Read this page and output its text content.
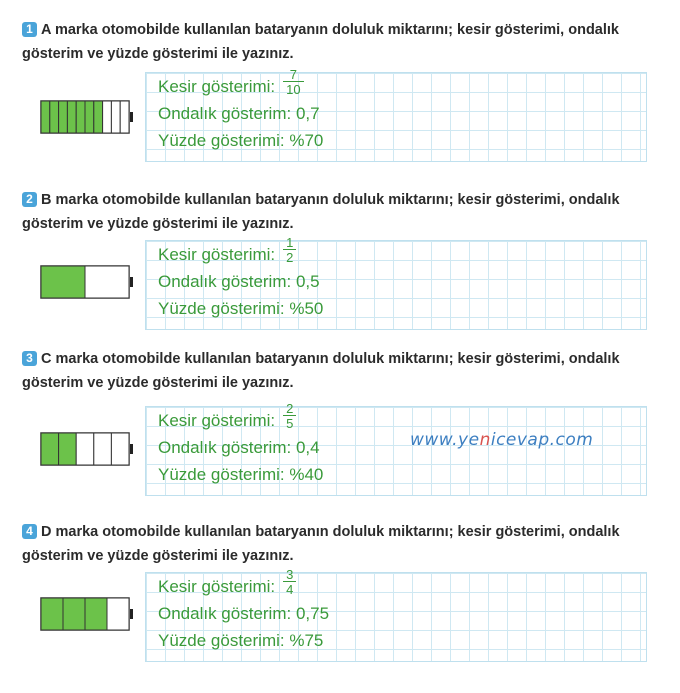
1 A marka otomobilde kullanılan bataryanın doluluk miktarını; kesir gösterimi, ondalık gösterim ve yüzde gösterimi ile yazınız.
Kesir gösterimi: $\frac{7}{10}$
Ondalık gösterim: 0,7
Yüzde gösterimi: %70
2 B marka otomobilde kullanılan bataryanın doluluk miktarını; kesir gösterimi, ondalık gösterim ve yüzde gösterimi ile yazınız.
Kesir gösterimi: $\frac{1}{2}$
Ondalık gösterim: 0,5
Yüzde gösterimi: %50
3 C marka otomobilde kullanılan bataryanın doluluk miktarını; kesir gösterimi, ondalık gösterim ve yüzde gösterimi ile yazınız.
Kesir gösterimi: $\frac{2}{5}$
Ondalık gösterim: 0,4
Yüzde gösterimi: %40
4 D marka otomobilde kullanılan bataryanın doluluk miktarını; kesir gösterimi, ondalık gösterim ve yüzde gösterimi ile yazınız.
Kesir gösterimi: $\frac{3}{4}$
Ondalık gösterim: 0,75
Yüzde gösterimi: %75
www.yenicevap.com
